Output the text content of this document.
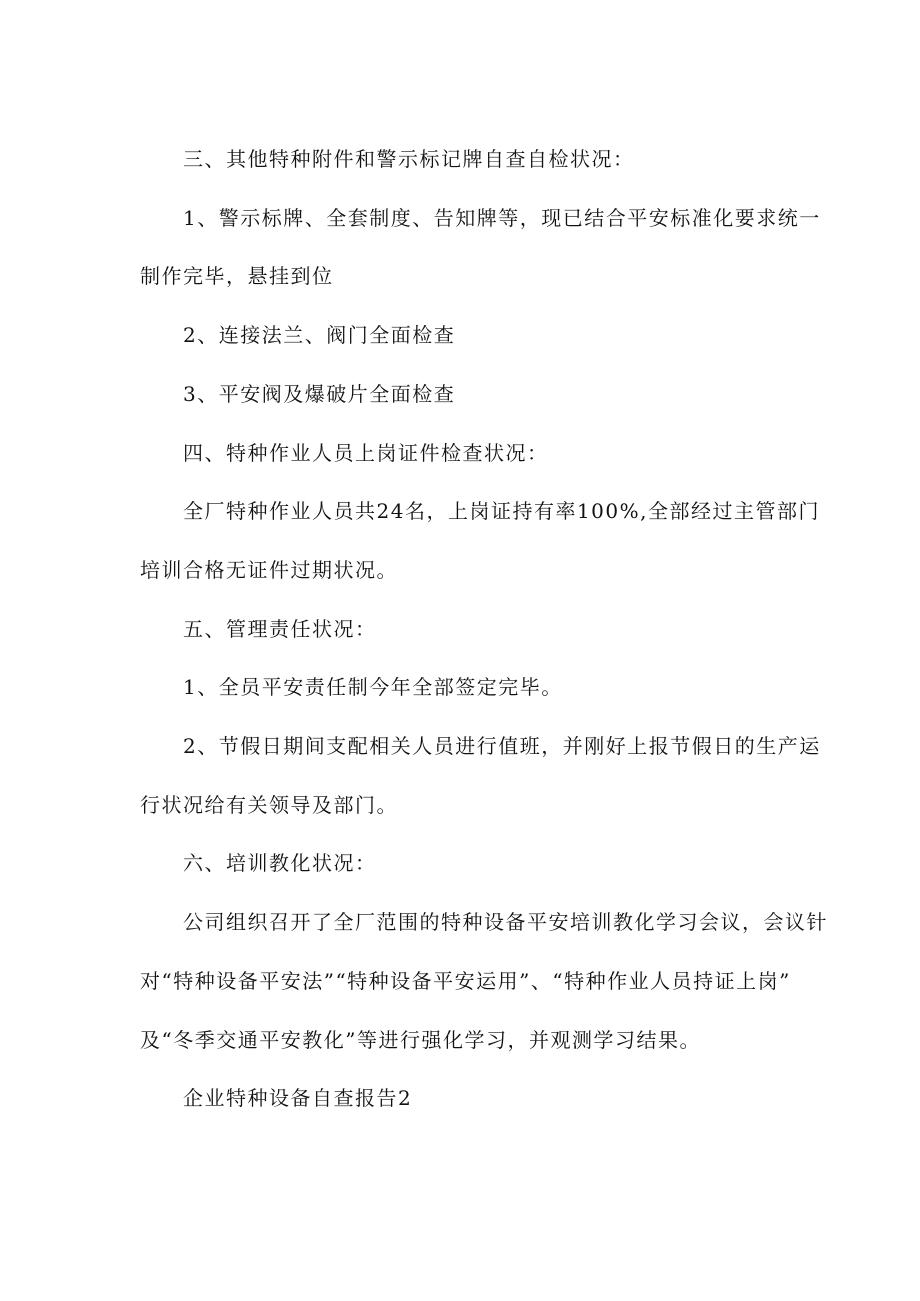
三、其他特种附件和警示标记牌自查自检状况：

1、警示标牌、全套制度、告知牌等，现已结合平安标准化要求统一

制作完毕，悬挂到位

2、连接法兰、阀门全面检查

3、平安阀及爆破片全面检查

四、特种作业人员上岗证件检查状况：

全厂特种作业人员共24名，上岗证持有率100%,全部经过主管部门

培训合格无证件过期状况。

五、管理责任状况：

1、全员平安责任制今年全部签定完毕。

2、节假日期间支配相关人员进行值班，并刚好上报节假日的生产运

行状况给有关领导及部门。

六、培训教化状况：

公司组织召开了全厂范围的特种设备平安培训教化学习会议，会议针

对“特种设备平安法”“特种设备平安运用”、“特种作业人员持证上岗”

及“冬季交通平安教化”等进行强化学习，并观测学习结果。

企业特种设备自查报告2
